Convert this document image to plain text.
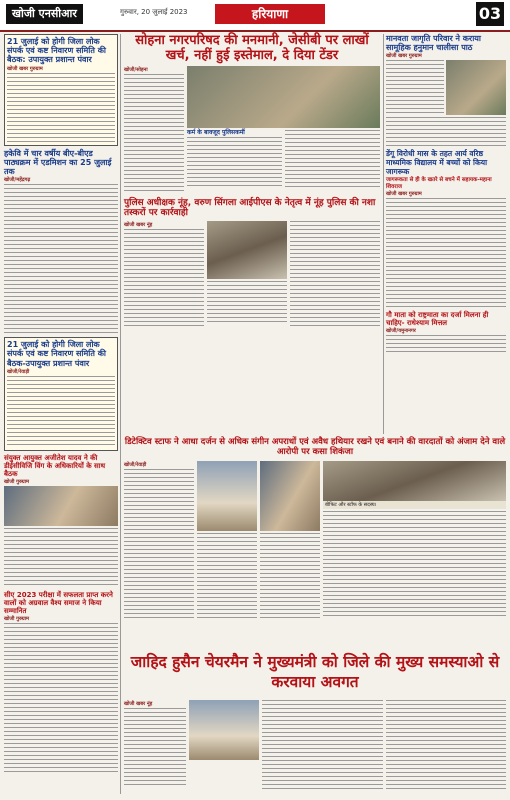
खोजी एनसीआर	गुरुवार, 20 जुलाई 2023	हरियाणा	03
21 जुलाई को होगी जिला लोक संपर्क एवं कष्ट निवारण समिति की बैठक: उपायुक्त प्रशान्त पंवार
खोजी खबर गुरुग्राम
हकेवि में चार वर्षीय बीए-बीएड पाठ्यक्रम में एडमिशन का 25 जुलाई तक
खोजी/महेंद्रगढ़
21 जुलाई को होगी जिला लोक संपर्क एवं कष्ट निवारण समिति की बैठक-उपायुक्त प्रशान्त पंवार
खोजी/रेवाड़ी
संयुक्त आयुक्त अजीतेश यादव ने की डीईसीविजि विंग के अधिकारियों के साथ बैठक
खोजी गुरुग्राम
सीए 2023 परीक्षा में सफलता प्राप्त करने वालों को अग्रवाल वैश्य समाज ने किया सम्मानित
खोजी गुरुग्राम
सोहना नगरपरिषद की मनमानी, जेसीबी पर लाखों खर्च, नहीं हुई इस्तेमाल, दे दिया टेंडर
खोजी/सोहना
कर्म के बावजूद पुलिसकर्मी
पुलिस अधीक्षक नूंह, वरुण सिंगला आईपीएस के नेतृत्व में नूंह पुलिस की नशा तस्करों पर कार्रवाही
खोजी खबर नूंह
डिटेक्टिव स्टाफ ने आधा दर्जन से अधिक संगीन अपराधों एवं अवैध हथियार रखने एवं बनाने की वारदातों को अंजाम देने वाले आरोपी पर कसा शिकंजा
खोजी/रेवाड़ी
बीफिट और स्टॉफ के सदस्य।
मानवता जागृति परिवार ने कराया सामूहिक हनुमान चालीसा पाठ
खोजी खबर गुरुग्राम
डेंगू विरोधी मास के तहत आर्य वरिष्ठ माध्यमिक विद्यालय में बच्चों को किया जागरूक
जागरूकता से ही के खतरे से बचने में सहायक-महाना शिवराज
खोजी खबर गुरुग्राम
गौ माता को राष्ट्रमाता का दर्जा मिलना ही चाहिए- राधेश्याम मित्तल
खोजी/यमुनानगर
जाहिद हुसैन चेयरमैन ने मुख्यमंत्री को जिले की मुख्य समस्याओ से करवाया अवगत
खोजी खबर नूंह
